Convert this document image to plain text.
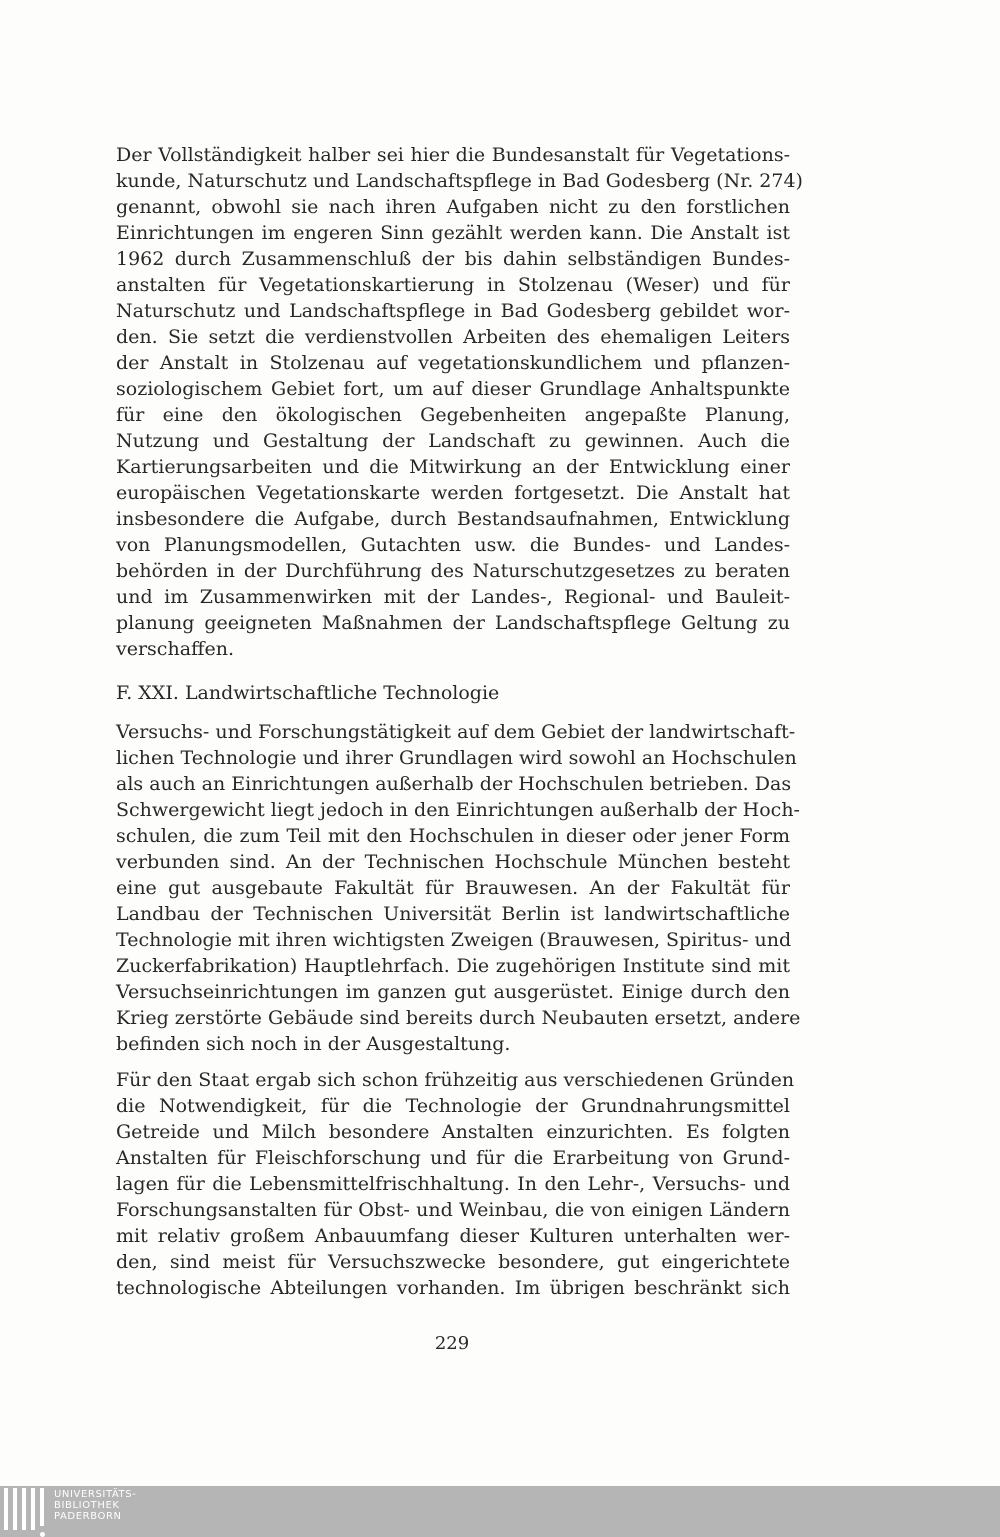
Der Vollständigkeit halber sei hier die Bundesanstalt für Vegetations-

kunde, Naturschutz und Landschaftspflege in Bad Godesberg (Nr. 274)

genannt, obwohl sie nach ihren Aufgaben nicht zu den forstlichen

Einrichtungen im engeren Sinn gezählt werden kann. Die Anstalt ist

1962 durch Zusammenschluß der bis dahin selbständigen Bundes-

anstalten für Vegetationskartierung in Stolzenau (Weser) und für

Naturschutz und Landschaftspflege in Bad Godesberg gebildet wor-

den. Sie setzt die verdienstvollen Arbeiten des ehemaligen Leiters

der Anstalt in Stolzenau auf vegetationskundlichem und pflanzen-

soziologischem Gebiet fort, um auf dieser Grundlage Anhaltspunkte

für eine den ökologischen Gegebenheiten angepaßte Planung,

Nutzung und Gestaltung der Landschaft zu gewinnen. Auch die

Kartierungsarbeiten und die Mitwirkung an der Entwicklung einer

europäischen Vegetationskarte werden fortgesetzt. Die Anstalt hat

insbesondere die Aufgabe, durch Bestandsaufnahmen, Entwicklung

von Planungsmodellen, Gutachten usw. die Bundes- und Landes-

behörden in der Durchführung des Naturschutzgesetzes zu beraten

und im Zusammenwirken mit der Landes-, Regional- und Bauleit-

planung geeigneten Maßnahmen der Landschaftspflege Geltung zu

verschaffen.

F. XXI. Landwirtschaftliche Technologie

Versuchs- und Forschungstätigkeit auf dem Gebiet der landwirtschaft-

lichen Technologie und ihrer Grundlagen wird sowohl an Hochschulen

als auch an Einrichtungen außerhalb der Hochschulen betrieben. Das

Schwergewicht liegt jedoch in den Einrichtungen außerhalb der Hoch-

schulen, die zum Teil mit den Hochschulen in dieser oder jener Form

verbunden sind. An der Technischen Hochschule München besteht

eine gut ausgebaute Fakultät für Brauwesen. An der Fakultät für

Landbau der Technischen Universität Berlin ist landwirtschaftliche

Technologie mit ihren wichtigsten Zweigen (Brauwesen, Spiritus- und

Zuckerfabrikation) Hauptlehrfach. Die zugehörigen Institute sind mit

Versuchseinrichtungen im ganzen gut ausgerüstet. Einige durch den

Krieg zerstörte Gebäude sind bereits durch Neubauten ersetzt, andere

befinden sich noch in der Ausgestaltung.

Für den Staat ergab sich schon frühzeitig aus verschiedenen Gründen

die Notwendigkeit, für die Technologie der Grundnahrungsmittel

Getreide und Milch besondere Anstalten einzurichten. Es folgten

Anstalten für Fleischforschung und für die Erarbeitung von Grund-

lagen für die Lebensmittelfrischhaltung. In den Lehr-, Versuchs- und

Forschungsanstalten für Obst- und Weinbau, die von einigen Ländern

mit relativ großem Anbauumfang dieser Kulturen unterhalten wer-

den, sind meist für Versuchszwecke besondere, gut eingerichtete

technologische Abteilungen vorhanden. Im übrigen beschränkt sich

229

UNIVERSITÄTS-
BIBLIOTHEK
PADERBORN
